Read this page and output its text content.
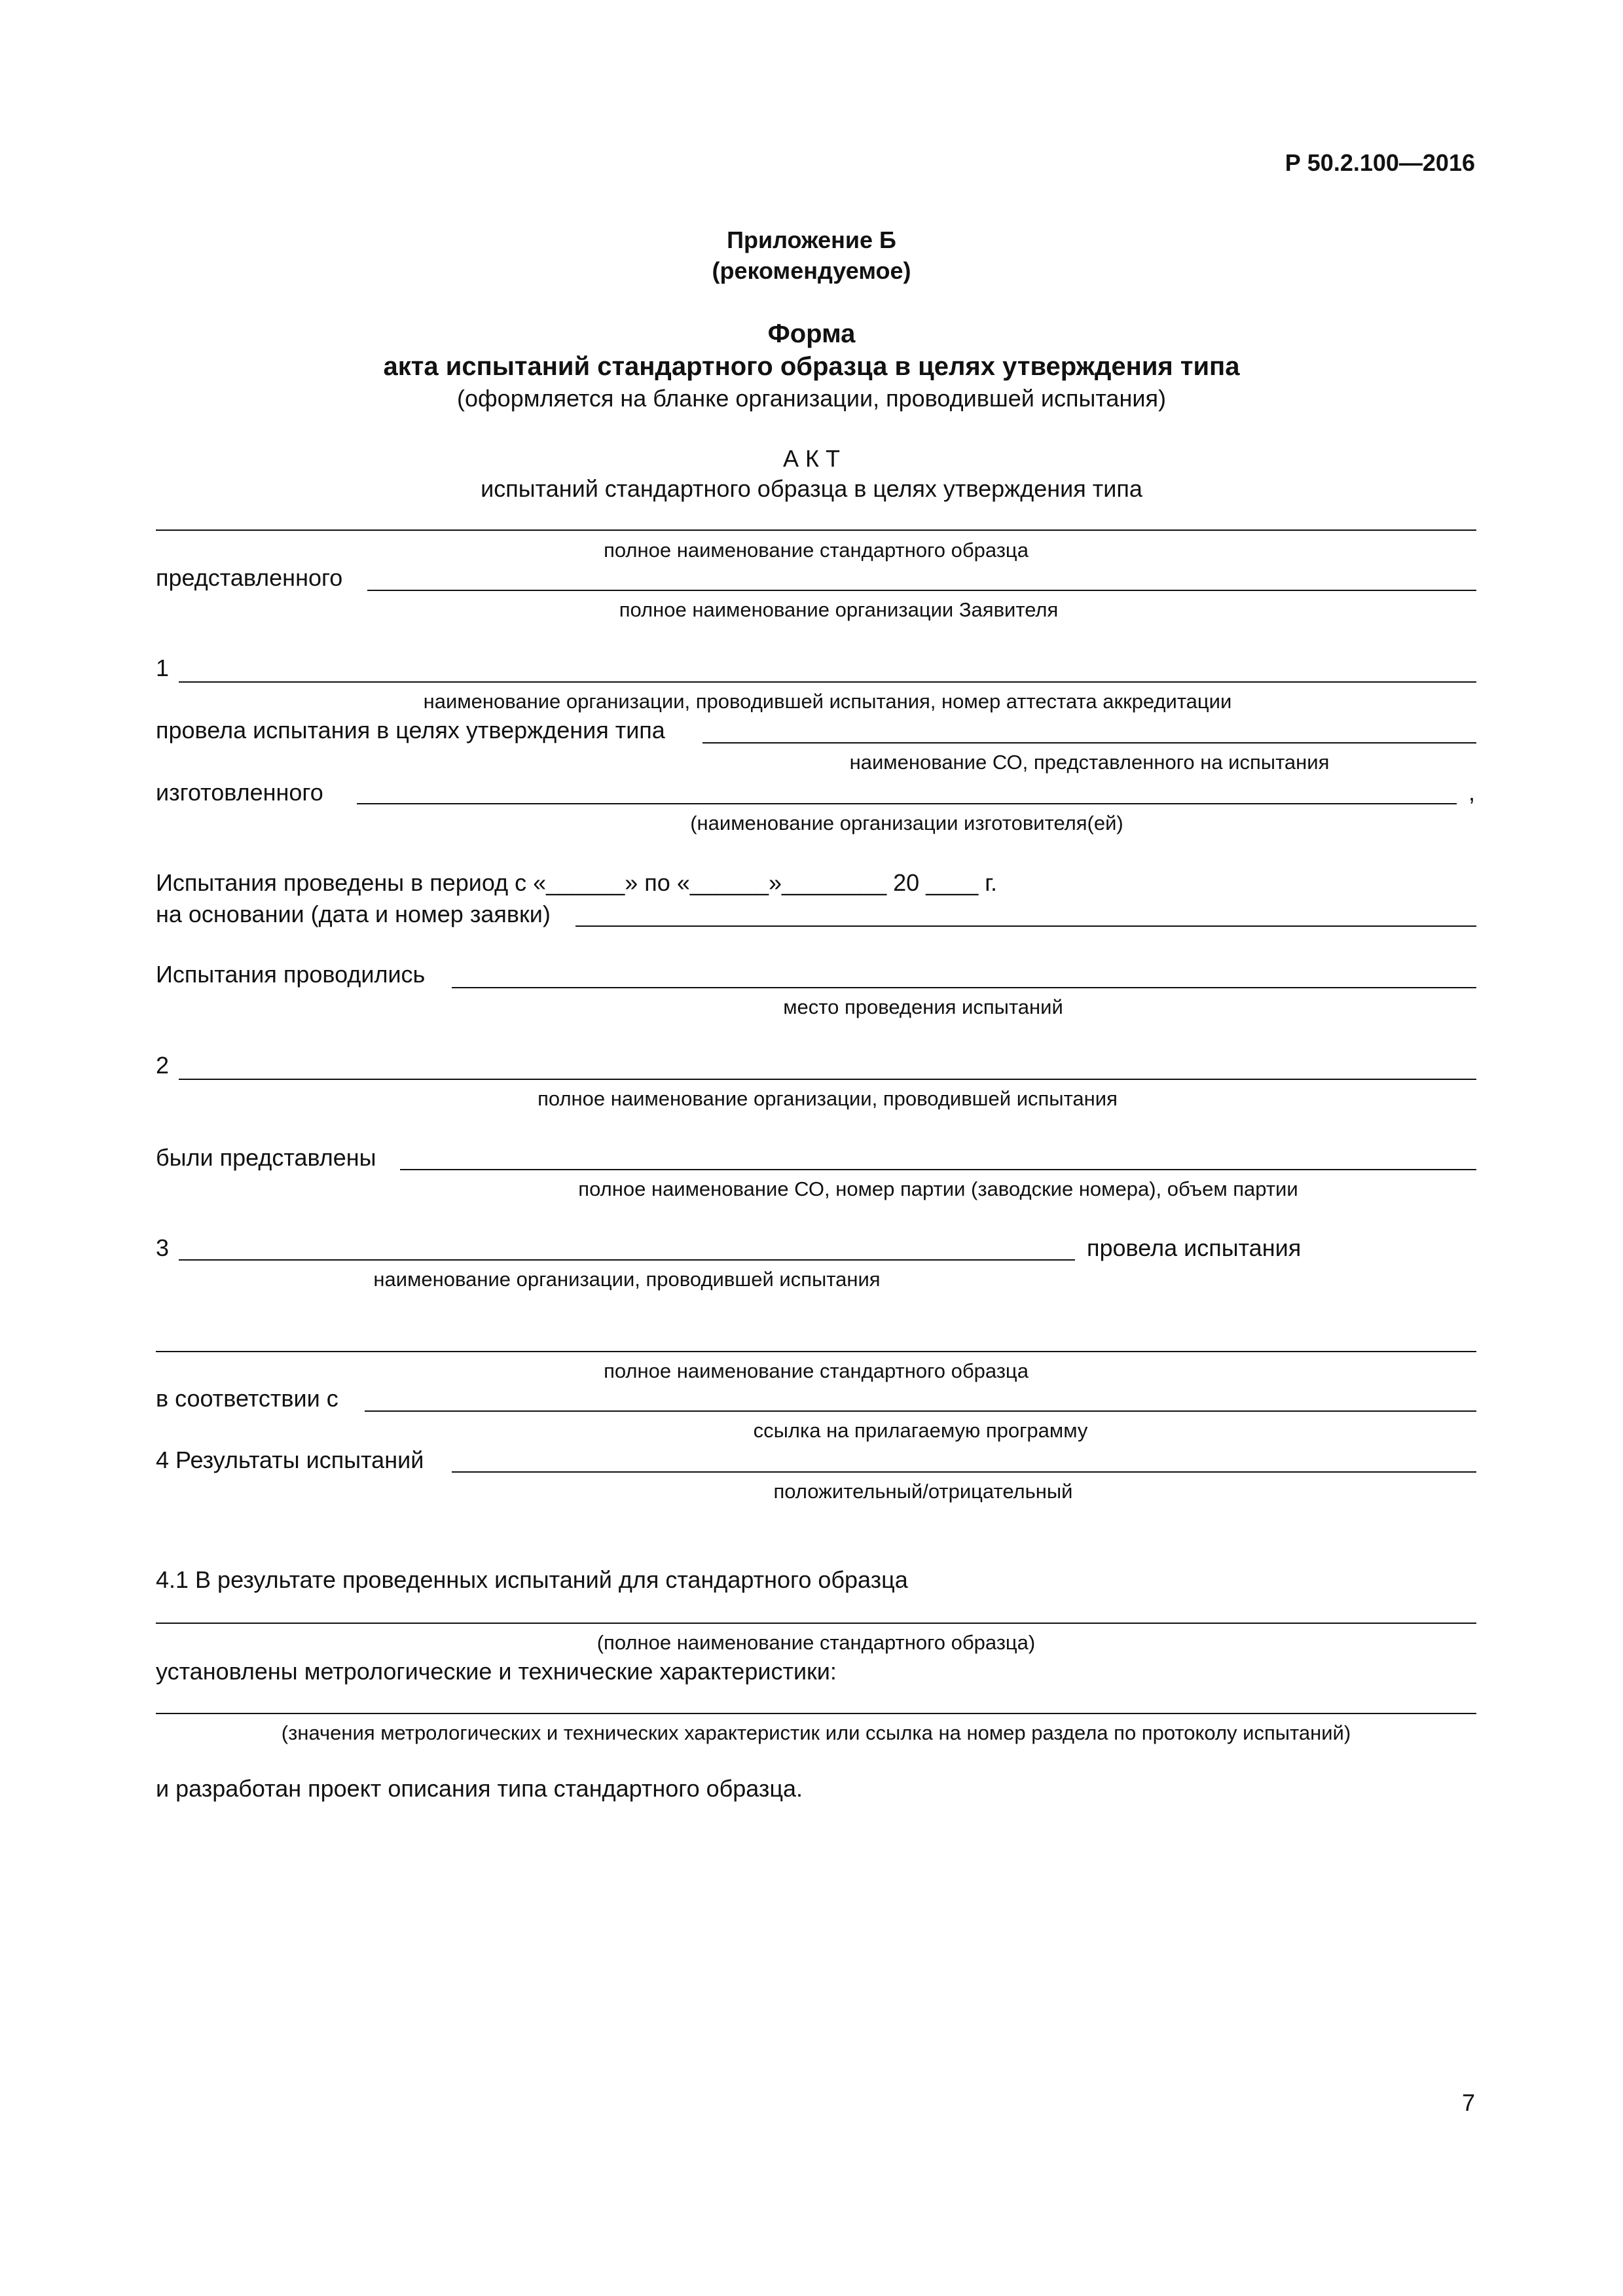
Р 50.2.100—2016
Приложение Б
(рекомендуемое)
Форма
акта испытаний стандартного образца в целях утверждения типа
(оформляется на бланке организации, проводившей испытания)
А К Т
испытаний стандартного образца в целях утверждения типа
полное наименование стандартного образца
представленного
полное наименование организации Заявителя
1
наименование организации, проводившей испытания, номер аттестата аккредитации
провела испытания в целях утверждения типа
наименование СО, представленного на испытания
изготовленного	,
(наименование организации изготовителя(ей)
Испытания проведены в период с «______» по «______»________ 20 ____ г.
на основании (дата и номер заявки)
Испытания проводились
место проведения испытаний
2
полное наименование организации, проводившей испытания
были представлены
полное наименование СО, номер партии (заводские номера), объем партии
3	провела испытания
наименование организации, проводившей испытания
полное наименование стандартного образца
в соответствии с
ссылка на прилагаемую программу
4 Результаты испытаний
положительный/отрицательный
4.1 В результате проведенных испытаний для стандартного образца
(полное наименование стандартного образца)
установлены метрологические и технические характеристики:
(значения метрологических и технических характеристик или ссылка на номер раздела по протоколу испытаний)
и разработан проект описания типа стандартного образца.
7
